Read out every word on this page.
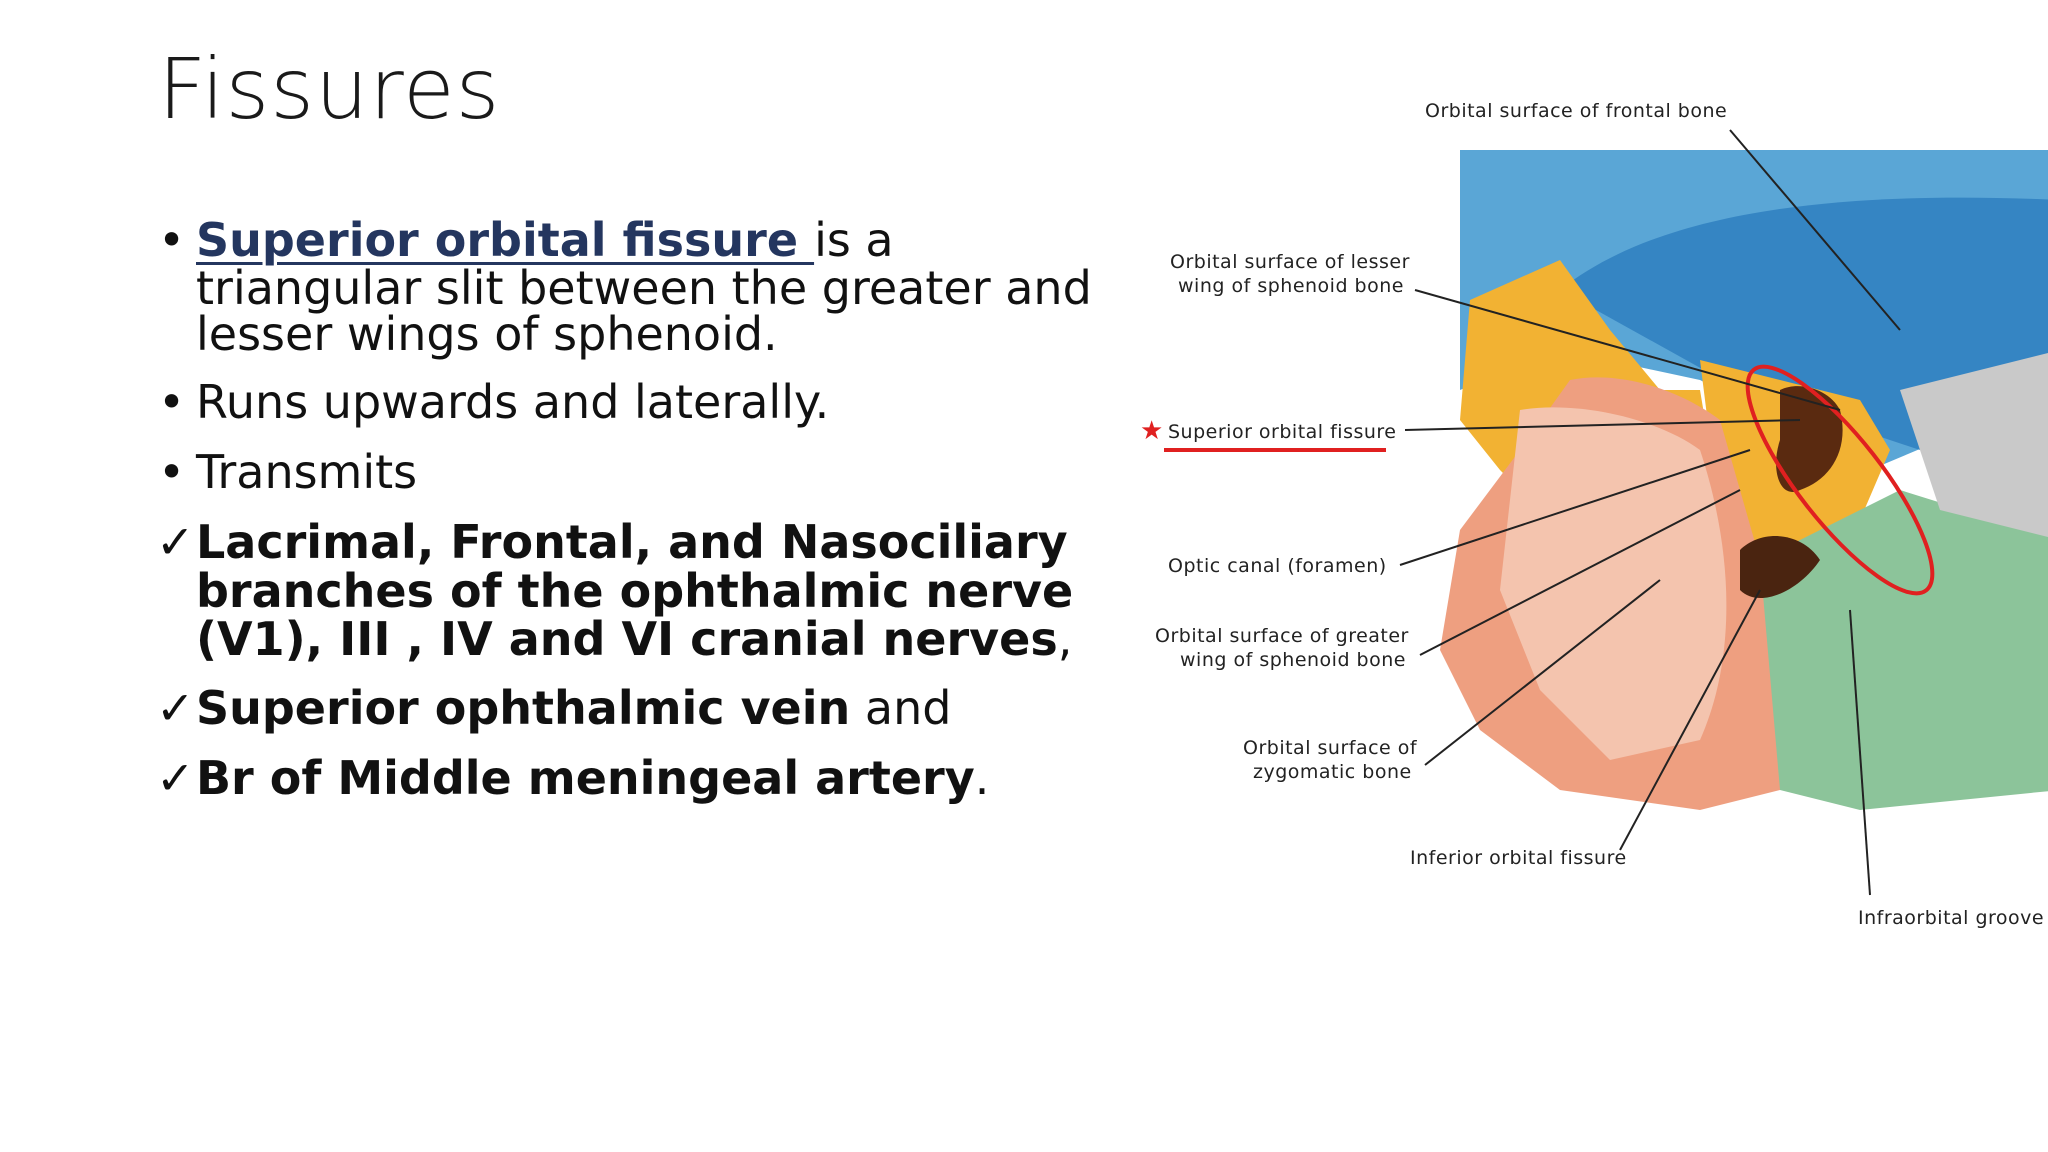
Fissures
• Superior orbital fissure is a
triangular slit between the greater and
lesser wings of sphenoid.
• Runs upwards and laterally.
• Transmits
✓ Lacrimal, Frontal, and Nasociliary
branches of the ophthalmic nerve
(V1), III , IV and VI cranial nerves,
✓ Superior ophthalmic vein and
✓ Br of Middle meningeal artery.
Orbital surface of frontal bone
Orbital surface of lesser
wing of sphenoid bone
★ Superior orbital fissure
Optic canal (foramen)
Orbital surface of greater
wing of sphenoid bone
Orbital surface of
zygomatic bone
Inferior orbital fissure
Infraorbital groove
